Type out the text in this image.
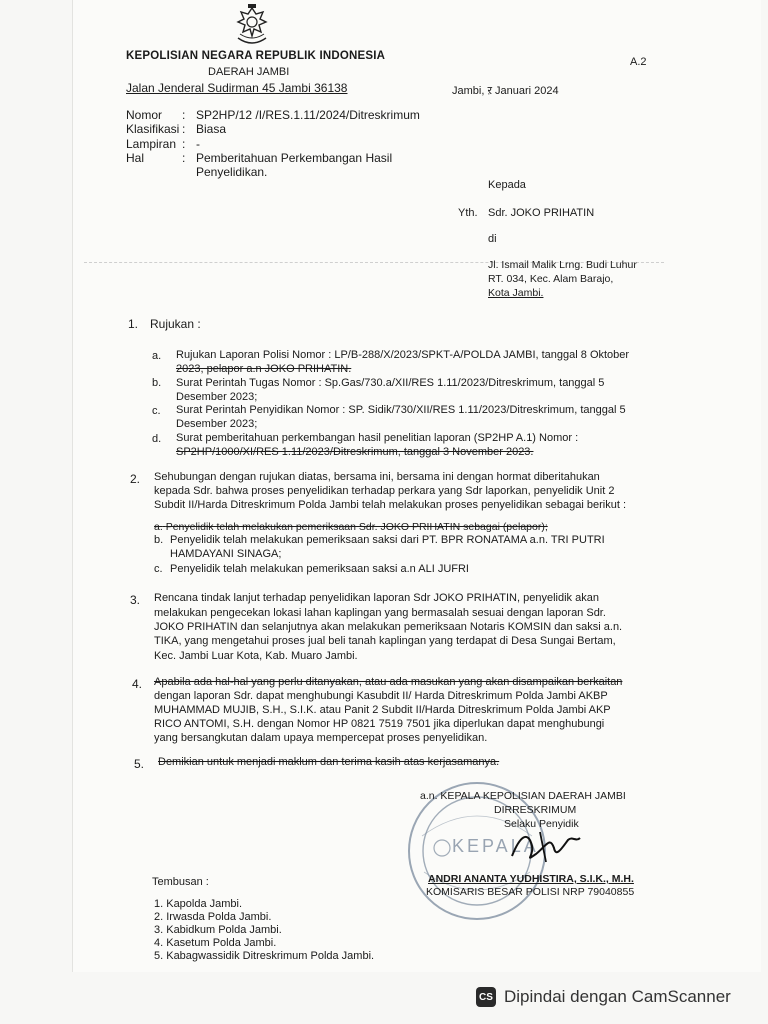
KEPOLISIAN NEGARA REPUBLIK INDONESIA
DAERAH JAMBI
Jalan Jenderal Sudirman 45 Jambi 36138
A.2
Jambi, ऱ Januari 2024
Nomor : SP2HP/12 /I/RES.1.11/2024/Ditreskrimum
Klasifikasi : Biasa
Lampiran : -
Hal	: Pemberitahuan Perkembangan Hasil
Penyelidikan.
Kepada
Yth. Sdr. JOKO PRIHATIN
di
Jl. Ismail Malik Lrng. Budi Luhur
RT. 034, Kec. Alam Barajo,
Kota Jambi.
1. Rujukan :
a. Rujukan Laporan Polisi Nomor : LP/B-288/X/2023/SPKT-A/POLDA JAMBI, tanggal 8 Oktober
2023, pelapor a.n JOKO PRIHATIN.
b. Surat Perintah Tugas Nomor : Sp.Gas/730.a/XII/RES 1.11/2023/Ditreskrimum, tanggal 5
Desember 2023;
c. Surat Perintah Penyidikan Nomor : SP. Sidik/730/XII/RES 1.11/2023/Ditreskrimum, tanggal 5
Desember 2023;
d. Surat pemberitahuan perkembangan hasil penelitian laporan (SP2HP A.1) Nomor :
SP2HP/1000/XI/RES 1.11/2023/Ditreskrimum, tanggal 3 November 2023.
2. Sehubungan dengan rujukan diatas, bersama ini, bersama ini dengan hormat diberitahukan
kepada Sdr. bahwa proses penyelidikan terhadap perkara yang Sdr laporkan, penyelidik Unit 2
Subdit II/Harda Ditreskrimum Polda Jambi telah melakukan proses penyelidikan sebagai berikut :
a. Penyelidik telah melakukan pemeriksaan Sdr. JOKO PRIHATIN sebagai (pelapor);
b. Penyelidik telah melakukan pemeriksaan saksi dari PT. BPR RONATAMA a.n. TRI PUTRI
HAMDAYANI SINAGA;
c. Penyelidik telah melakukan pemeriksaan saksi a.n ALI JUFRI
3. Rencana tindak lanjut terhadap penyelidikan laporan Sdr JOKO PRIHATIN, penyelidik akan
melakukan pengecekan lokasi lahan kaplingan yang bermasalah sesuai dengan laporan Sdr.
JOKO PRIHATIN dan selanjutnya akan melakukan pemeriksaan Notaris KOMSIN dan saksi a.n.
TIKA, yang mengetahui proses jual beli tanah kaplingan yang terdapat di Desa Sungai Bertam,
Kec. Jambi Luar Kota, Kab. Muaro Jambi.
4. Apabila ada hal-hal yang perlu ditanyakan, atau ada masukan yang akan disampaikan berkaitan
dengan laporan Sdr. dapat menghubungi Kasubdit II/ Harda Ditreskrimum Polda Jambi AKBP
MUHAMMAD MUJIB, S.H., S.I.K. atau Panit 2 Subdit II/Harda Ditreskrimum Polda Jambi AKP
RICO ANTOMI, S.H. dengan Nomor HP 0821 7519 7501 jika diperlukan dapat menghubungi
yang bersangkutan dalam upaya mempercepat proses penyelidikan.
5. Demikian untuk menjadi maklum dan terima kasih atas kerjasamanya.
KEPALA
a.n. KEPALA KEPOLISIAN DAERAH JAMBI
DIRRESKRIMUM
Selaku Penyidik
ANDRI ANANTA YUDHISTIRA, S.I.K., M.H.
KOMISARIS BESAR POLISI NRP 79040855
Tembusan :
1. Kapolda Jambi.
2. Irwasda Polda Jambi.
3. Kabidkum Polda Jambi.
4. Kasetum Polda Jambi.
5. Kabagwassidik Ditreskrimum Polda Jambi.
CS Dipindai dengan CamScanner
